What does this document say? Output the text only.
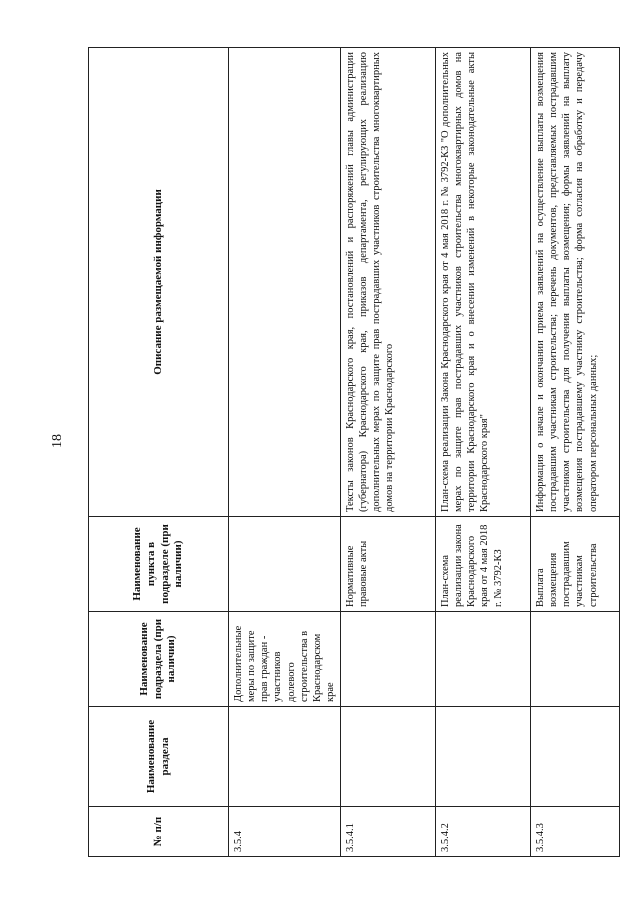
18
№ п/п	Наименование раздела	Наименование подраздела (при наличии)	Наименование пункта в подразделе (при наличии)	Описание размещаемой информации
3.5.4		Дополнительные меры по защите прав граждан - участников долевого строительства в Краснодарском крае		
3.5.4.1			Нормативные правовые акты	Тексты законов Краснодарского края, постановлений и распоряжений главы администрации (губернатора) Краснодарского края, приказов департамента, регулирующих реализацию дополнительных мерах по защите прав пострадавших участников строительства многоквартирных домов на территории Краснодарского
3.5.4.2			План-схема реализации закона Краснодарского края от 4 мая 2018 г. № 3792-КЗ	План-схема реализации Закона Краснодарского края от 4 мая 2018 г. № 3792-КЗ "О дополнительных мерах по защите прав пострадавших участников строительства многоквартирных домов на территории Краснодарского края и о внесении изменений в некоторые законодательные акты Краснодарского края"
3.5.4.3			Выплата возмещения пострадавшим участникам строительства	Информация о начале и окончании приема заявлений на осуществление выплаты возмещения пострадавшим участникам строительства; перечень документов, представляемых пострадавшим участником строительства для получения выплаты возмещения; формы заявлений на выплату возмещения пострадавшему участнику строительства; форма согласия на обработку и передачу оператором персональных данных;
